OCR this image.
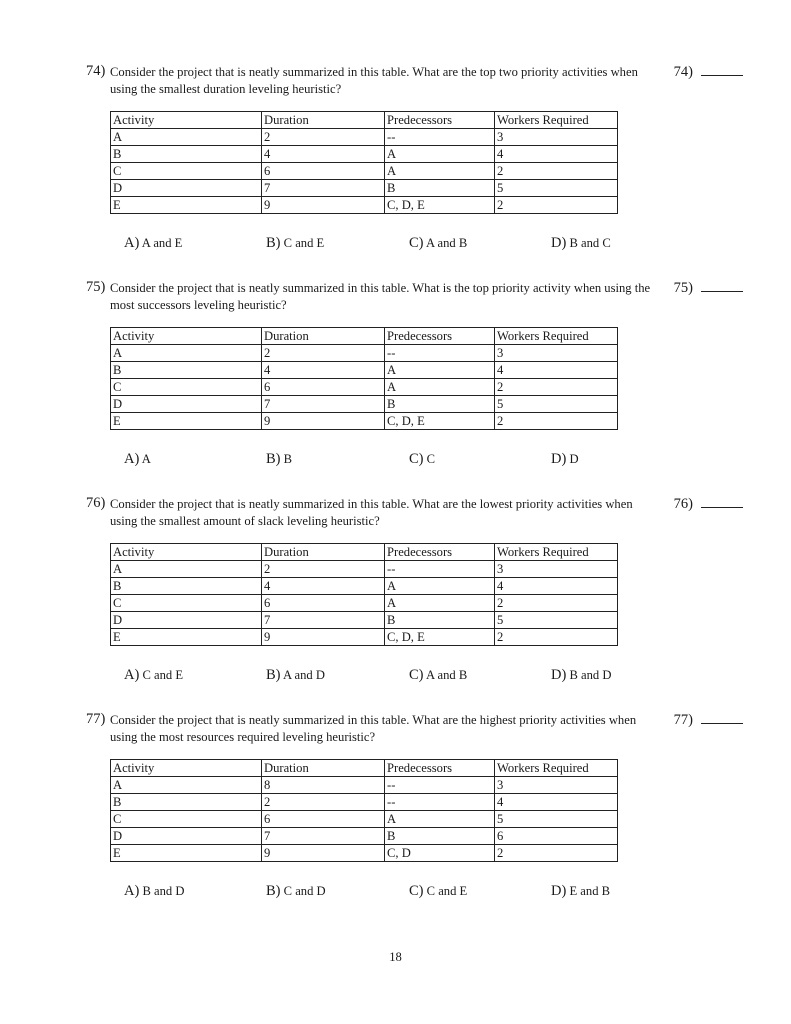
74) Consider the project that is neatly summarized in this table. What are the top two priority activities when using the smallest duration leveling heuristic?
74)
Activity	Duration	Predecessors	Workers Required
A	2	--	3
B	4	A	4
C	6	A	2
D	7	B	5
E	9	C, D, E	2
A) A and E	B) C and E	C) A and B	D) B and C
75) Consider the project that is neatly summarized in this table. What is the top priority activity when using the most successors leveling heuristic?
75)
Activity	Duration	Predecessors	Workers Required
A	2	--	3
B	4	A	4
C	6	A	2
D	7	B	5
E	9	C, D, E	2
A) A	B) B	C) C	D) D
76) Consider the project that is neatly summarized in this table. What are the lowest priority activities when using the smallest amount of slack leveling heuristic?
76)
Activity	Duration	Predecessors	Workers Required
A	2	--	3
B	4	A	4
C	6	A	2
D	7	B	5
E	9	C, D, E	2
A) C and E	B) A and D	C) A and B	D) B and D
77) Consider the project that is neatly summarized in this table. What are the highest priority activities when using the most resources required leveling heuristic?
77)
Activity	Duration	Predecessors	Workers Required
A	8	--	3
B	2	--	4
C	6	A	5
D	7	B	6
E	9	C, D	2
A) B and D	B) C and D	C) C and E	D) E and B
18
